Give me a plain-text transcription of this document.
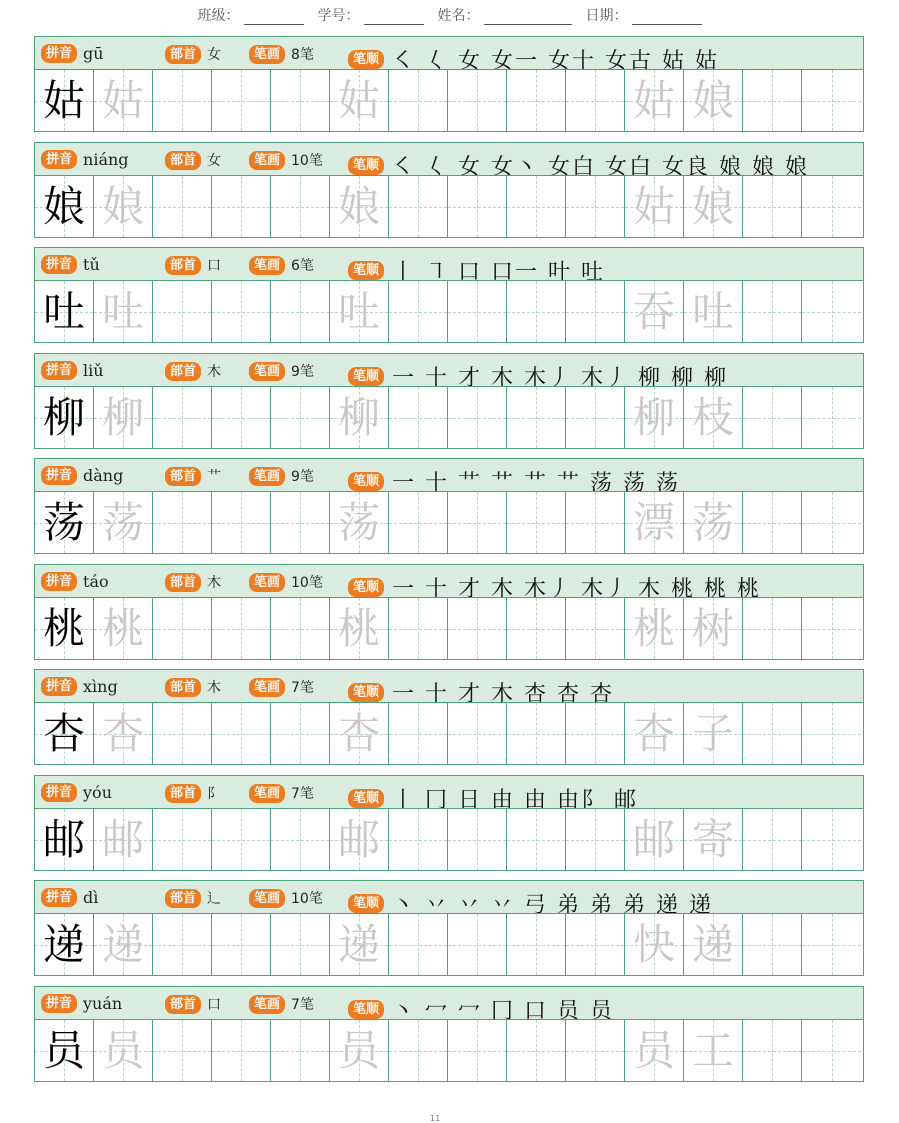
班级：	学号：	姓名：	日期：
拼音 gū	部首 女	笔画 8笔	笔顺 ㇛ 𡿨 女 女一 女十 女古 姑 姑
姑 姑	姑	姑 娘
拼音 niáng	部首 女	笔画 10笔	笔顺 ㇛ 𡿨 女 女丶 女白 女白 女良 娘 娘 娘
娘 娘	娘	姑 娘
拼音 tǔ	部首 口	笔画 6笔	笔顺 丨 ㇕ 口 口一 叶 吐
吐 吐	吐	吞 吐
拼音 liǔ	部首 木	笔画 9笔	笔顺 一 十 才 木 木丿 木丿 柳 柳 柳
柳 柳	柳	柳 枝
拼音 dàng	部首 艹	笔画 9笔	笔顺 一 十 艹 艹 艹 艹 荡 荡 荡
荡 荡	荡	漂 荡
拼音 táo	部首 木	笔画 10笔	笔顺 一 十 才 木 木丿 木丿 木 桃 桃 桃
桃 桃	桃	桃 树
拼音 xìng	部首 木	笔画 7笔	笔顺 一 十 才 木 杏 杏 杏
杏 杏	杏	杏 子
拼音 yóu	部首 阝	笔画 7笔	笔顺 丨 冂 日 由 由 由阝 邮
邮 邮	邮	邮 寄
拼音 dì	部首 辶	笔画 10笔	笔顺 丶 丷 丷 丷 弓 弟 弟 弟 递 递
递 递	递	快 递
拼音 yuán	部首 口	笔画 7笔	笔顺 丶 冖 冖 冂 口 员 员
员 员	员	员 工
11
